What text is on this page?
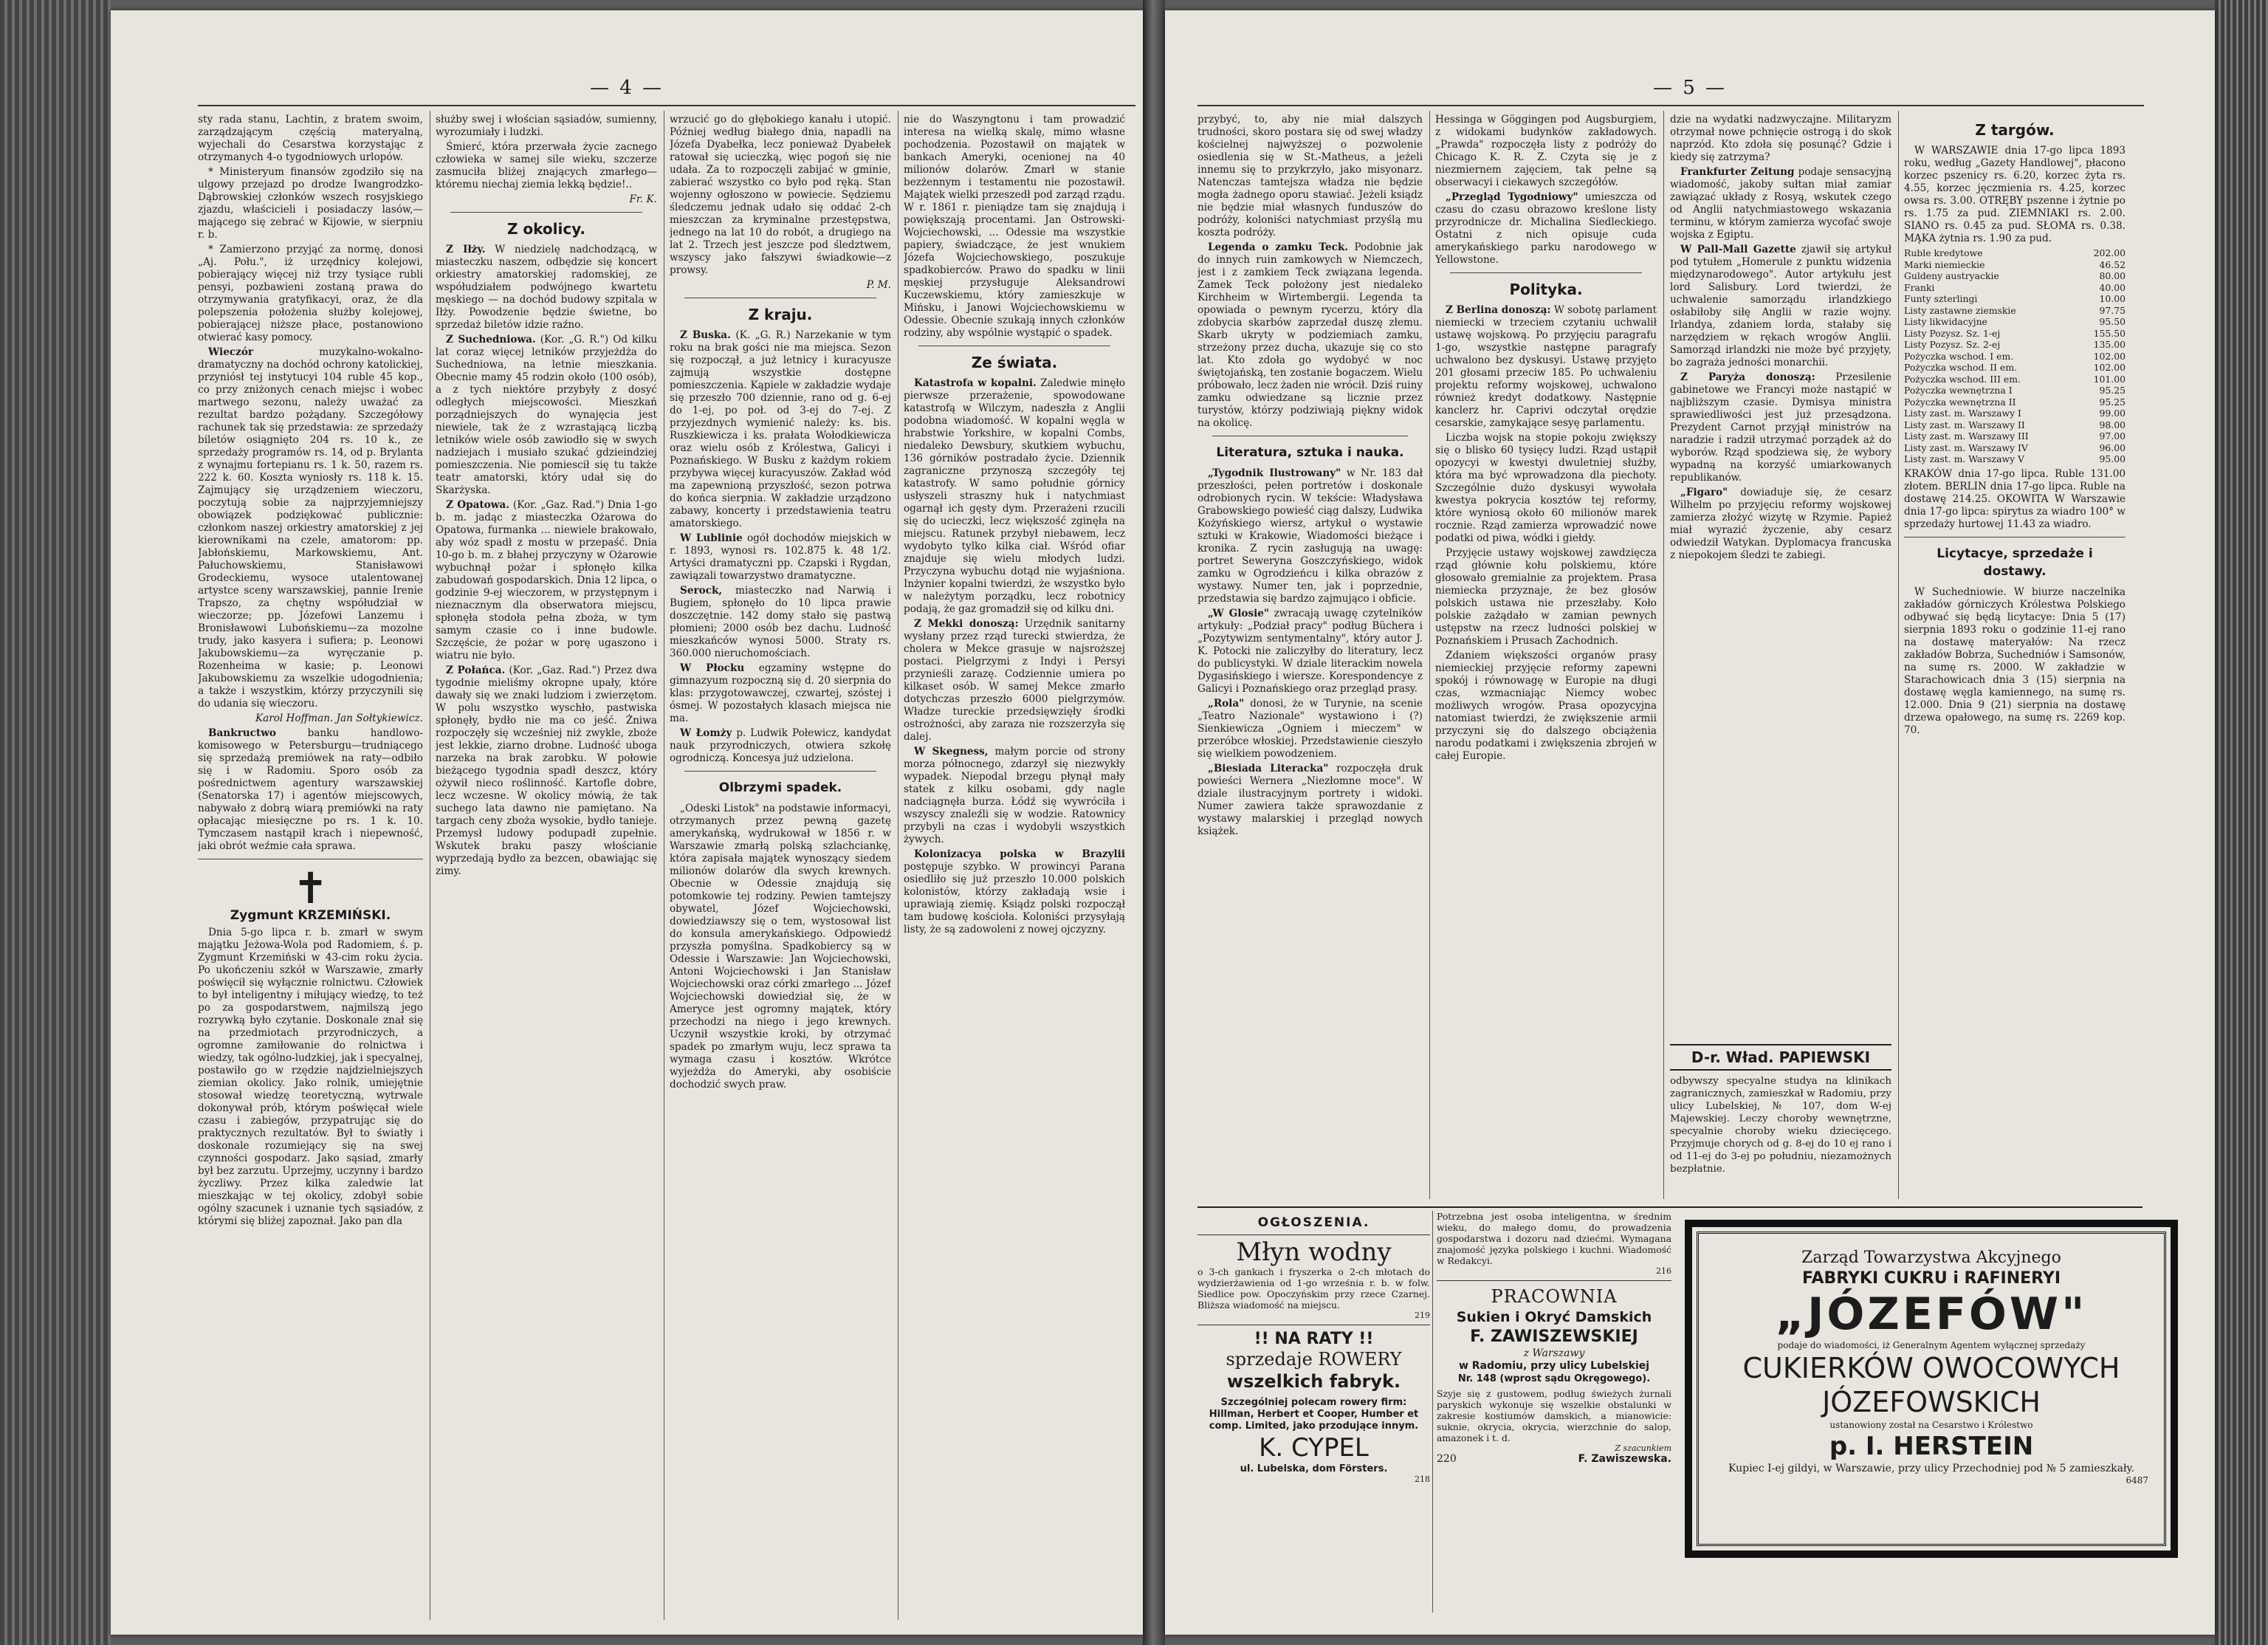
— 4 —

sty rada stanu, Lachtin, z bratem swoim, zarządzającym częścią materyalną, wyjechali do Cesarstwa korzystając z otrzymanych 4-o tygodniowych urlopów.

* Ministeryum finansów zgodziło się na ulgowy przejazd po drodze Iwangrodzko-Dąbrowskiej członków wszech rosyjskiego zjazdu, właścicieli i posiadaczy lasów,— mającego się zebrać w Kijowie, w sierpniu r. b.

* Zamierzono przyjąć za normę, donosi „Aj. Połu.", iż urzędnicy kolejowi, pobierający więcej niż trzy tysiące rubli pensyi, pozbawieni zostaną prawa do otrzymywania gratyfikacyi, oraz, że dla polepszenia położenia służby kolejowej, pobierającej niższe płace, postanowiono otwierać kasy pomocy.

Wieczór	muzykalno-wokalno-dramatyczny na dochód ochrony katolickiej, przyniósł tej instytucyi 104 ruble 45 kop., co przy zniżonych cenach miejsc i wobec martwego sezonu, należy uważać za rezultat bardzo pożądany. Szczegółowy rachunek tak się przedstawia: ze sprzedaży biletów osiągnięto 204 rs. 10 k., ze sprzedaży programów rs. 14, od p. Brylanta z wynajmu fortepianu rs. 1 k. 50, razem rs. 222 k. 60. Koszta wyniosły rs. 118 k. 15. Zajmujący się urządzeniem wieczoru, poczytują sobie za najprzyjemniejszy obowiązek podziękować publicznie: członkom naszej orkiestry amatorskiej z jej kierownikami na czele, amatorom: pp. Jabłońskiemu, Markowskiemu, Ant. Pałuchowskiemu, Stanisławowi Grodeckiemu, wysoce utalentowanej artystce sceny warszawskiej, pannie Irenie Trapszo, za chętny współudział w wieczorze; pp. Józefowi Lanzemu i Bronisławowi Lubońskiemu—za mozolne trudy, jako kasyera i sufiera; p. Leonowi Jakubowskiemu—za wyręczanie p. Rozenheima w kasie; p. Leonowi Jakubowskiemu za wszelkie udogodnienia; a także i wszystkim, którzy przyczynili się do udania się wieczoru.

Karol Hoffman. Jan Sołtykiewicz.

Bankructwo	banku handlowo-komisowego w Petersburgu—trudniącego się sprzedażą premiówek na raty—odbiło się i w Radomiu. Sporo osób za pośrednictwem agentury warszawskiej (Senatorska 17) i agentów miejscowych, nabywało z dobrą wiarą premiówki na raty opłacając miesięczne po rs. 1 k. 10. Tymczasem nastąpił krach i niepewność, jaki obrót weźmie cała sprawa.

✝
Zygmunt KRZEMIŃSKI.

Dnia 5-go lipca r. b. zmarł w swym majątku Jeżowa-Wola pod Radomiem, ś. p. Zygmunt Krzemiński w 43-cim roku życia. Po ukończeniu szkół w Warszawie, zmarły poświęcił się wyłącznie rolnictwu. Człowiek to był inteligentny i miłujący wiedzę, to też po za gospodarstwem, najmilszą jego rozrywką było czytanie. Doskonale znał się na przedmiotach przyrodniczych, a ogromne zamiłowanie do rolnictwa i wiedzy, tak ogólno-ludzkiej, jak i specyalnej, postawiło go w rzędzie najdzielniejszych ziemian okolicy. Jako rolnik, umiejętnie stosował wiedzę teoretyczną, wytrwale dokonywał prób, którym poświęcał wiele czasu i zabiegów, przypatrując się do praktycznych rezultatów. Był to światły i doskonale rozumiejący się na swej czynności gospodarz. Jako sąsiad, zmarły był bez zarzutu. Uprzejmy, uczynny i bardzo życzliwy. Przez kilka zaledwie lat mieszkając w tej okolicy, zdobył sobie ogólny szacunek i uznanie tych sąsiadów, z którymi się bliżej zapoznał. Jako pan dla

służby swej i włościan sąsiadów, sumienny, wyrozumiały i ludzki.

Śmierć, która przerwała życie zacnego człowieka w samej sile wieku, szczerze zasmuciła bliżej znających zmarłego—któremu niechaj ziemia lekką będzie!..

Fr. K.

Z okolicy.

Z Iłży. W niedzielę nadchodzącą, w miasteczku naszem, odbędzie się koncert orkiestry amatorskiej radomskiej, ze współudziałem podwójnego kwartetu męskiego — na dochód budowy szpitala w Iłży. Powodzenie będzie świetne, bo sprzedaż biletów idzie raźno.

Z Suchedniowa. (Kor. „G. R.") Od kilku lat coraz więcej letników przyjeżdża do Suchedniowa, na letnie mieszkania. Obecnie mamy 45 rodzin około (100 osób), a z tych niektóre przybyły z dosyć odległych miejscowości. Mieszkań porządniejszych do wynajęcia jest niewiele, tak że z wzrastającą liczbą letników wiele osób zawiodło się w swych nadziejach i musiało szukać gdzieindziej pomieszczenia. Nie pomiescił się tu także teatr amatorski, który udał się do Skarżyska.

Z Opatowa. (Kor. „Gaz. Rad.") Dnia 1-go b. m. jadąc z miasteczka Ożarowa do Opatowa, furmanka ... niewiele brakowało, aby wóz spadł z mostu w przepaść. Dnia 10-go b. m. z błahej przyczyny w Ożarowie wybuchnął pożar i spłonęło kilka zabudowań gospodarskich. Dnia 12 lipca, o godzinie 9-ej wieczorem, w przystępnym i nieznacznym dla obserwatora miejscu, spłonęła stodoła pełna zboża, w tym samym czasie co i inne budowle. Szczęście, że pożar w porę ugaszono i wiatru nie było.

Z Połańca. (Kor. „Gaz. Rad.") Przez dwa tygodnie mieliśmy okropne upały, które dawały się we znaki ludziom i zwierzętom. W polu wszystko wyschło, pastwiska spłonęły, bydło nie ma co jeść. Żniwa rozpoczęły się wcześniej niż zwykle, zboże jest lekkie, ziarno drobne. Ludność uboga narzeka na brak zarobku. W połowie bieżącego tygodnia spadł deszcz, który ożywił nieco roślinność. Kartofle dobre, lecz wczesne. W okolicy mówią, że tak suchego lata dawno nie pamiętano. Na targach ceny zboża wysokie, bydło tanieje. Przemysł ludowy podupadł zupełnie. Wskutek braku paszy włościanie wyprzedają bydło za bezcen, obawiając się zimy.

wrzucić go do głębokiego kanału i utopić. Później według białego dnia, napadli na Józefa Dyabełka, lecz ponieważ Dyabełek ratował się ucieczką, więc pogoń się nie udała. Za to rozpoczęli zabijać w gminie, zabierać wszystko co było pod ręką. Stan wojenny ogłoszono w powiecie. Sędziemu śledczemu jednak udało się oddać 2-ch mieszczan za kryminalne przestępstwa, jednego na lat 10 do robót, a drugiego na lat 2. Trzech jest jeszcze pod śledztwem, wszyscy jako fałszywi świadkowie—z prowsy.

P. M.

Z kraju.

Z Buska. (K. „G. R.) Narzekanie w tym roku na brak gości nie ma miejsca. Sezon się rozpoczął, a już letnicy i kuracyusze zajmują wszystkie dostępne pomieszczenia. Kąpiele w zakładzie wydaje się przeszło 700 dziennie, rano od g. 6-ej do 1-ej, po poł. od 3-ej do 7-ej. Z przyjezdnych wymienić należy: ks. bis. Ruszkiewicza i ks. prałata Wołodkiewicza oraz wielu osób z Królestwa, Galicyi i Poznańskiego. W Busku z każdym rokiem przybywa więcej kuracyuszów. Zakład wód ma zapewnioną przyszłość, sezon potrwa do końca sierpnia. W zakładzie urządzono zabawy, koncerty i przedstawienia teatru amatorskiego.

W Lublinie ogół dochodów miejskich w r. 1893, wynosi rs. 102.875 k. 48 1/2. Artyści dramatyczni pp. Czapski i Rygdan, zawiązali towarzystwo dramatyczne.

Serock, miasteczko nad Narwią i Bugiem, spłonęło do 10 lipca prawie doszczętnie. 142 domy stało się pastwą płomieni; 2000 osób bez dachu. Ludność mieszkańców wynosi 5000. Straty rs. 360.000 nieruchomościach.

W Płocku egzaminy wstępne do gimnazyum rozpoczną się d. 20 sierpnia do klas: przygotowawczej, czwartej, szóstej i ósmej. W pozostałych klasach miejsca nie ma.

W Łomży p. Ludwik Połewicz, kandydat nauk przyrodniczych, otwiera szkołę ogrodniczą. Koncesya już udzielona.

Olbrzymi spadek.

„Odeski Listok" na podstawie informacyi, otrzymanych przez pewną gazetę amerykańską, wydrukował w 1856 r. w Warszawie zmarłą polską szlachciankę, która zapisała majątek wynoszący siedem milionów dolarów dla swych krewnych. Obecnie w Odessie znajdują się potomkowie tej rodziny. Pewien tamtejszy obywatel, Józef Wojciechowski, dowiedziawszy się o tem, wystosował list do konsula amerykańskiego. Odpowiedź przyszła pomyślna. Spadkobiercy są w Odessie i Warszawie: Jan Wojciechowski, Antoni Wojciechowski i Jan Stanisław Wojciechowski oraz córki zmarłego ... Józef Wojciechowski dowiedział się, że w Ameryce jest ogromny majątek, który przechodzi na niego i jego krewnych. Uczynił wszystkie kroki, by otrzymać spadek po zmarłym wuju, lecz sprawa ta wymaga czasu i kosztów. Wkrótce wyjeżdża do Ameryki, aby osobiście dochodzić swych praw.

nie do Waszyngtonu i tam prowadzić interesa na wielką skalę, mimo własne pochodzenia. Pozostawił on majątek w bankach Ameryki, ocenionej na 40 milionów dolarów. Zmarł w stanie bezżennym i testamentu nie pozostawił. Majątek wielki przeszedł pod zarząd rządu. W r. 1861 r. pieniądze tam się znajdują i powiększają procentami. Jan Ostrowski-Wojciechowski, ... Odessie ma wszystkie papiery, świadczące, że jest wnukiem Józefa Wojciechowskiego, poszukuje spadkobierców. Prawo do spadku w linii męskiej przysługuje Aleksandrowi Kuczewskiemu, który zamieszkuje w Mińsku, i Janowi Wojciechowskiemu w Odessie. Obecnie szukają innych członków rodziny, aby wspólnie wystąpić o spadek.

Ze świata.

Katastrofa w kopalni. Zaledwie minęło pierwsze przerażenie, spowodowane katastrofą w Wilczym, nadeszła z Anglii podobna wiadomość. W kopalni węgla w hrabstwie Yorkshire, w kopalni Combs, niedaleko Dewsbury, skutkiem wybuchu, 136 górników postradało życie. Dziennik zagraniczne przynoszą szczegóły tej katastrofy. W samo południe górnicy usłyszeli straszny huk i natychmiast ogarnął ich gęsty dym. Przerażeni rzucili się do ucieczki, lecz większość zginęła na miejscu. Ratunek przybył niebawem, lecz wydobyto tylko kilka ciał. Wśród ofiar znajduje się wielu młodych ludzi. Przyczyna wybuchu dotąd nie wyjaśniona. Inżynier kopalni twierdzi, że wszystko było w należytym porządku, lecz robotnicy podają, że gaz gromadził się od kilku dni.

Z Mekki donoszą: Urzędnik sanitarny wysłany przez rząd turecki stwierdza, że cholera w Mekce grasuje w najsroższej postaci. Pielgrzymi z Indyi i Persyi przynieśli zarazę. Codziennie umiera po kilkaset osób. W samej Mekce zmarło dotychczas przeszło 6000 pielgrzymów. Władze tureckie przedsięwzięły środki ostrożności, aby zaraza nie rozszerzyła się dalej.

W Skegness, małym porcie od strony morza północnego, zdarzył się niezwykły wypadek. Niepodal brzegu płynął mały statek z kilku osobami, gdy nagle nadciągnęła burza. Łódź się wywróciła i wszyscy znaleźli się w wodzie. Ratownicy przybyli na czas i wydobyli wszystkich żywych.

Kolonizacya polska w Brazylii postępuje szybko. W prowincyi Parana osiedliło się już przeszło 10.000 polskich kolonistów, którzy zakładają wsie i uprawiają ziemię. Ksiądz polski rozpoczął tam budowę kościoła. Koloniści przysyłają listy, że są zadowoleni z nowej ojczyzny.

— 5 —

przybyć, to, aby nie miał dalszych trudności, skoro postara się od swej władzy kościelnej najwyższej o pozwolenie osiedlenia się w St.-Matheus, a jeżeli innemu się to przykrzyło, jako misyonarz. Natenczas tamtejsza władza nie będzie mogła żadnego oporu stawiać. Jeżeli ksiądz nie będzie miał własnych funduszów do podróży, koloniści natychmiast przyślą mu koszta podróży.

Legenda o zamku Teck. Podobnie jak do innych ruin zamkowych w Niemczech, jest i z zamkiem Teck związana legenda. Zamek Teck położony jest niedaleko Kirchheim w Wirtembergii. Legenda ta opowiada o pewnym rycerzu, który dla zdobycia skarbów zaprzedał duszę złemu. Skarb ukryty w podziemiach zamku, strzeżony przez ducha, ukazuje się co sto lat. Kto zdoła go wydobyć w noc świętojańską, ten zostanie bogaczem. Wielu próbowało, lecz żaden nie wrócił. Dziś ruiny zamku odwiedzane są licznie przez turystów, którzy podziwiają piękny widok na okolicę.

Literatura, sztuka i nauka.

„Tygodnik Ilustrowany" w Nr. 183 dał przeszłości, pełen portretów i doskonale odrobionych rycin. W tekście: Władysława Grabowskiego powieść ciąg dalszy, Ludwika Kożyńskiego wiersz, artykuł o wystawie sztuki w Krakowie, Wiadomości bieżące i kronika. Z rycin zasługują na uwagę: portret Seweryna Goszczyńskiego, widok zamku w Ogrodzieńcu i kilka obrazów z wystawy. Numer ten, jak i poprzednie, przedstawia się bardzo zajmująco i obficie.

„W Glosie" zwracają uwagę czytelników artykuły: „Podział pracy" podług Büchera i „Pozytywizm sentymentalny", który autor J. K. Potocki nie zaliczyłby do literatury, lecz do publicystyki. W dziale literackim nowela Dygasińskiego i wiersze. Korespondencye z Galicyi i Poznańskiego oraz przegląd prasy.

„Rola" donosi, że w Turynie, na scenie „Teatro Nazionale" wystawiono i (?) Sienkiewicza „Ogniem i mieczem" w przeróbce włoskiej. Przedstawienie cieszyło się wielkiem powodzeniem.

„Biesiada Literacka" rozpoczęła druk powieści Wernera „Niezłomne moce". W dziale ilustracyjnym portrety i widoki. Numer zawiera także sprawozdanie z wystawy malarskiej i przegląd nowych książek.

Hessinga w Göggingen pod Augsburgiem, z widokami budynków zakładowych. „Prawda" rozpoczęła listy z podróży do Chicago K. R. Z. Czyta się je z niezmiernem zajęciem, tak pełne są obserwacyi i ciekawych szczegółów.

„Przegląd Tygodniowy" umieszcza od czasu do czasu obrazowo kreślone listy przyrodnicze dr. Michalina Siedleckiego. Ostatni z nich opisuje cuda amerykańskiego parku narodowego w Yellowstone.

Polityka.

Z Berlina donoszą: W sobotę parlament niemiecki w trzeciem czytaniu uchwalił ustawę wojskową. Po przyjęciu paragrafu 1-go, wszystkie następne paragrafy uchwalono bez dyskusyi. Ustawę przyjęto 201 głosami przeciw 185. Po uchwaleniu projektu reformy wojskowej, uchwalono również kredyt dodatkowy. Następnie kanclerz hr. Caprivi odczytał orędzie cesarskie, zamykające sesyę parlamentu.

Liczba wojsk na stopie pokoju zwiększy się o blisko 60 tysięcy ludzi. Rząd ustąpił opozycyi w kwestyi dwuletniej służby, która ma być wprowadzona dla piechoty. Szczególnie dużo dyskusyi wywołała kwestya pokrycia kosztów tej reformy, które wyniosą około 60 milionów marek rocznie. Rząd zamierza wprowadzić nowe podatki od piwa, wódki i giełdy.

Przyjęcie ustawy wojskowej zawdzięcza rząd głównie kołu polskiemu, które głosowało gremialnie za projektem. Prasa niemiecka przyznaje, że bez głosów polskich ustawa nie przeszłaby. Koło polskie zażądało w zamian pewnych ustępstw na rzecz ludności polskiej w Poznańskiem i Prusach Zachodnich.

Zdaniem większości organów prasy niemieckiej przyjęcie reformy zapewni spokój i równowagę w Europie na długi czas, wzmacniając Niemcy wobec możliwych wrogów. Prasa opozycyjna natomiast twierdzi, że zwiększenie armii przyczyni się do dalszego obciążenia narodu podatkami i zwiększenia zbrojeń w całej Europie.

dzie na wydatki nadzwyczajne. Militaryzm otrzymał nowe pchnięcie ostrogą i do skok naprzód. Kto zdoła się posunąć? Gdzie i kiedy się zatrzyma?

Frankfurter Zeitung podaje sensacyjną wiadomość, jakoby sułtan miał zamiar zawiązać układy z Rosyą, wskutek czego od Anglii natychmiastowego wskazania terminu, w którym zamierza wycofać swoje wojska z Egiptu.

W Pall-Mall Gazette zjawił się artykuł pod tytułem „Homerule z punktu widzenia międzynarodowego". Autor artykułu jest lord Salisbury. Lord twierdzi, że uchwalenie samorządu irlandzkiego osłabiłoby siłę Anglii w razie wojny. Irlandya, zdaniem lorda, stałaby się narzędziem w rękach wrogów Anglii. Samorząd irlandzki nie może być przyjęty, bo zagraża jedności monarchii.

Z Paryża donoszą: Przesilenie gabinetowe we Francyi może nastąpić w najbliższym czasie. Dymisya ministra sprawiedliwości jest już przesądzona. Prezydent Carnot przyjął ministrów na naradzie i radził utrzymać porządek aż do wyborów. Rząd spodziewa się, że wybory wypadną na korzyść umiarkowanych republikanów.

„Figaro" dowiaduje się, że cesarz Wilhelm po przyjęciu reformy wojskowej zamierza złożyć wizytę w Rzymie. Papież miał wyrazić życzenie, aby cesarz odwiedził Watykan. Dyplomacya francuska z niepokojem śledzi te zabiegi.

D-r. Wład. PAPIEWSKI
odbywszy specyalne studya na klinikach zagranicznych, zamieszkał w Radomiu, przy ulicy Lubelskiej, № 107, dom W-ej Majewskiej. Leczy choroby wewnętrzne, specyalnie choroby wieku dziecięcego. Przyjmuje chorych od g. 8-ej do 10 ej rano i od 11-ej do 3-ej po południu, niezamożnych bezpłatnie.
Z targów.

W WARSZAWIE dnia 17-go lipca 1893 roku, według „Gazety Handlowej", płacono korzec pszenicy rs. 6.20, korzec żyta rs. 4.55, korzec jęczmienia rs. 4.25, korzec owsa rs. 3.00. OTRĘBY pszenne i żytnie po rs. 1.75 za pud. ZIEMNIAKI rs. 2.00. SIANO rs. 0.45 za pud. SŁOMA rs. 0.38. MĄKA żytnia rs. 1.90 za pud.

Ruble kredytowe	202.00
Marki niemieckie	46.52
Guldeny austryackie	80.00
Franki	40.00
Funty szterlingi	10.00
Listy zastawne ziemskie	97.75
Listy likwidacyjne	95.50
Listy Pozysz. Sz. 1-ej	155.50
Listy Pozysz. Sz. 2-ej	135.00
Pożyczka wschod. I em.	102.00
Pożyczka wschod. II em.	102.00
Pożyczka wschod. III em.	101.00
Pożyczka wewnętrzna I	95.25
Pożyczka wewnętrzna II	95.25
Listy zast. m. Warszawy I	99.00
Listy zast. m. Warszawy II	98.00
Listy zast. m. Warszawy III	97.00
Listy zast. m. Warszawy IV	96.00
Listy zast. m. Warszawy V	95.00

KRAKÓW dnia 17-go lipca. Ruble 131.00 złotem. BERLIN dnia 17-go lipca. Ruble na dostawę 214.25. OKOWITA W Warszawie dnia 17-go lipca: spirytus za wiadro 100° w sprzedaży hurtowej 11.43 za wiadro.

Licytacye, sprzedaże i dostawy.

W Suchedniowie. W biurze naczelnika zakładów górniczych Królestwa Polskiego odbywać się będą licytacye: Dnia 5 (17) sierpnia 1893 roku o godzinie 11-ej rano na dostawę materyałów: Na rzecz zakładów Bobrza, Suchedniów i Samsonów, na sumę rs. 2000. W zakładzie w Starachowicach dnia 3 (15) sierpnia na dostawę węgla kamiennego, na sumę rs. 12.000. Dnia 9 (21) sierpnia na dostawę drzewa opałowego, na sumę rs. 2269 kop. 70.

OGŁOSZENIA.
Młyn wodny
o 3-ch gankach i fryszerka o 2-ch młotach do wydzierżawienia od 1-go września r. b. w folw. Siedlice pow. Opoczyńskim przy rzece Czarnej. Bliższa wiadomość na miejscu.
219
!! NA RATY !!
sprzedaje ROWERY
wszelkich fabryk.
Szczególniej polecam rowery firm: Hillman, Herbert et Cooper, Humber et comp. Limited, jako przodujące innym.
K. CYPEL
ul. Lubelska, dom Försters.
218
Potrzebna jest osoba inteligentna, w średnim wieku, do małego domu, do prowadzenia gospodarstwa i dozoru nad dziećmi. Wymagana znajomość języka polskiego i kuchni. Wiadomość w Redakcyi.
216
PRACOWNIA
Sukien i Okryć Damskich
F. ZAWISZEWSKIEJ
z Warszawy
w Radomiu, przy ulicy Lubelskiej
Nr. 148 (wprost sądu Okręgowego).
Szyje się z gustowem, podług świeżych żurnali paryskich wykonuje się wszelkie obstalunki w zakresie kostiumów damskich, a mianowicie: suknie, okrycia, okrycia, wierzchnie do salop, amazonek i t. d.
Z szacunkiem
220	F. Zawiszewska.
Zarząd Towarzystwa Akcyjnego
FABRYKI CUKRU i RAFINERYI
„JÓZEFÓW"
podaje do wiadomości, iż Generalnym Agentem wyłącznej sprzedaży
CUKIERKÓW OWOCOWYCH
JÓZEFOWSKICH
ustanowiony został na Cesarstwo i Królestwo
p. I. HERSTEIN
Kupiec I-ej gildyi, w Warszawie, przy ulicy Przechodniej pod № 5 zamieszkały.
6487
